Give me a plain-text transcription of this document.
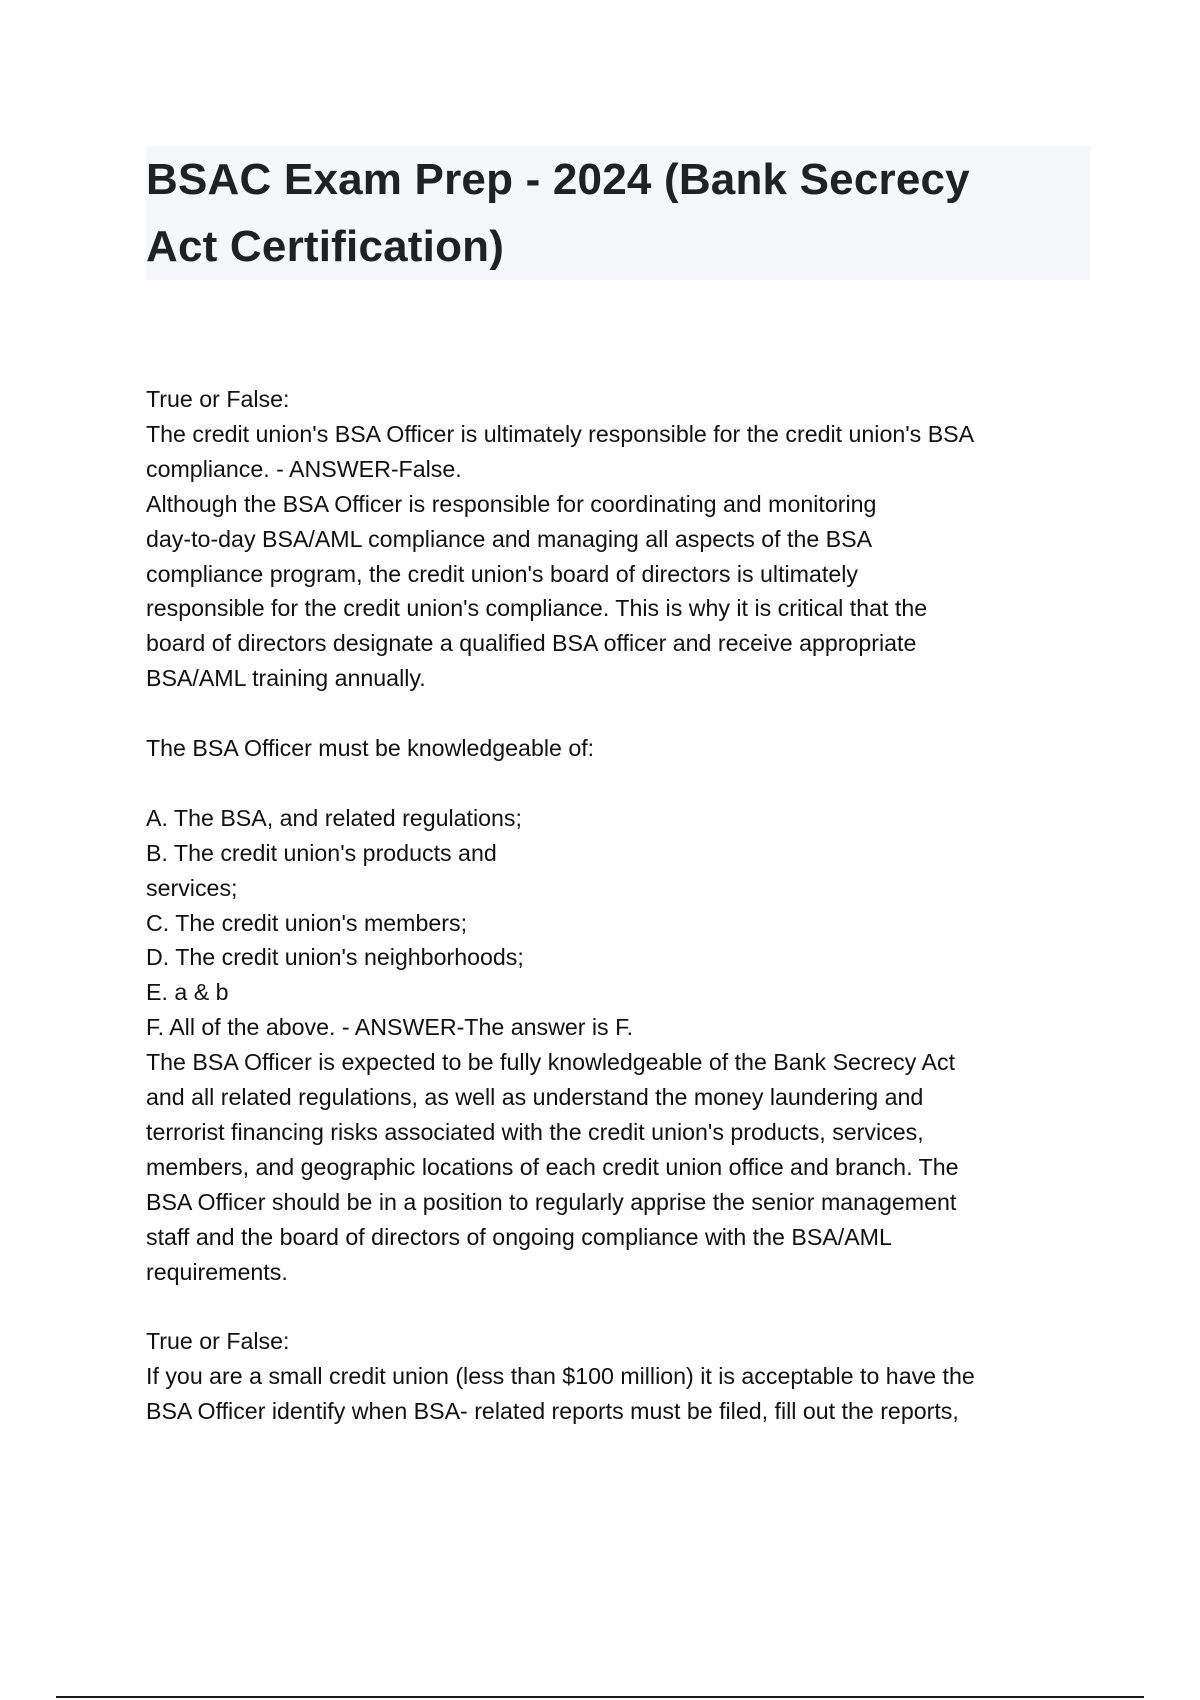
BSAC Exam Prep - 2024 (Bank Secrecy
Act Certification)
True or False:
The credit union's BSA Officer is ultimately responsible for the credit union's BSA
compliance. - ANSWER-False.
Although the BSA Officer is responsible for coordinating and monitoring
day-to-day BSA/AML compliance and managing all aspects of the BSA
compliance program, the credit union's board of directors is ultimately
responsible for the credit union's compliance. This is why it is critical that the
board of directors designate a qualified BSA officer and receive appropriate
BSA/AML training annually.
The BSA Officer must be knowledgeable of:
A. The BSA, and related regulations;
B. The credit union's products and
services;
C. The credit union's members;
D. The credit union's neighborhoods;
E. a & b
F. All of the above. - ANSWER-The answer is F.
The BSA Officer is expected to be fully knowledgeable of the Bank Secrecy Act
and all related regulations, as well as understand the money laundering and
terrorist financing risks associated with the credit union's products, services,
members, and geographic locations of each credit union office and branch. The
BSA Officer should be in a position to regularly apprise the senior management
staff and the board of directors of ongoing compliance with the BSA/AML
requirements.
True or False:
If you are a small credit union (less than $100 million) it is acceptable to have the
BSA Officer identify when BSA- related reports must be filed, fill out the reports,
